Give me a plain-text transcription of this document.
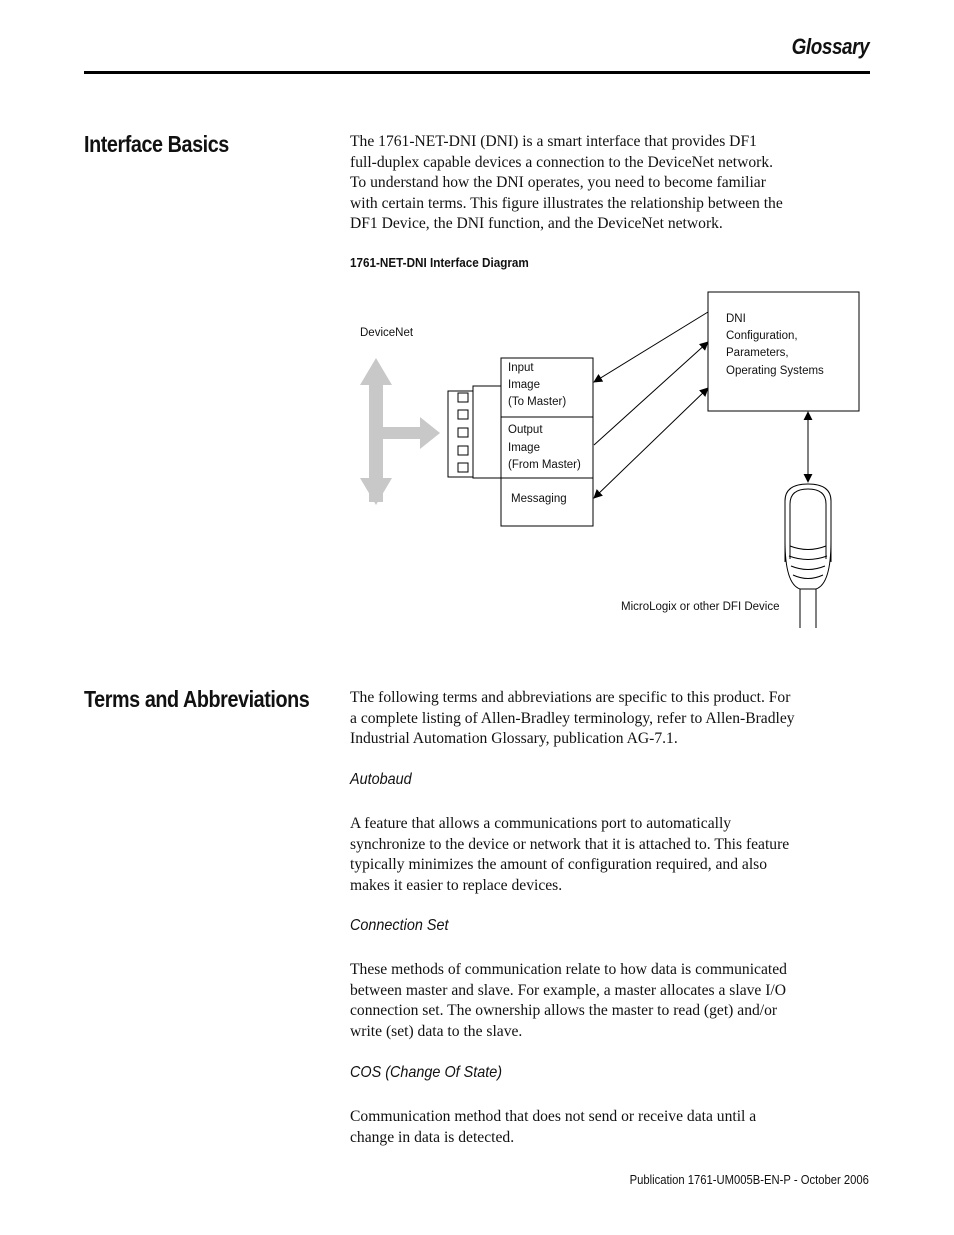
Glossary
Interface Basics	The 1761-NET-DNI (DNI) is a smart interface that provides DF1
full-duplex capable devices a connection to the DeviceNet network.
To understand how the DNI operates, you need to become familiar
with certain terms. This figure illustrates the relationship between the
DF1 Device, the DNI function, and the DeviceNet network.
1761-NET-DNI Interface Diagram
DeviceNet
Input Image (To Master)
Output Image (From Master)
Messaging
DNI Configuration, Parameters, Operating Systems
MicroLogix or other DFI Device
Terms and Abbreviations	The following terms and abbreviations are specific to this product. For
a complete listing of Allen-Bradley terminology, refer to Allen-Bradley
Industrial Automation Glossary, publication AG-7.1.
Autobaud
A feature that allows a communications port to automatically
synchronize to the device or network that it is attached to. This feature
typically minimizes the amount of configuration required, and also
makes it easier to replace devices.
Connection Set
These methods of communication relate to how data is communicated
between master and slave. For example, a master allocates a slave I/O
connection set. The ownership allows the master to read (get) and/or
write (set) data to the slave.
COS (Change Of State)
Communication method that does not send or receive data until a
change in data is detected.
Publication 1761-UM005B-EN-P - October 2006
